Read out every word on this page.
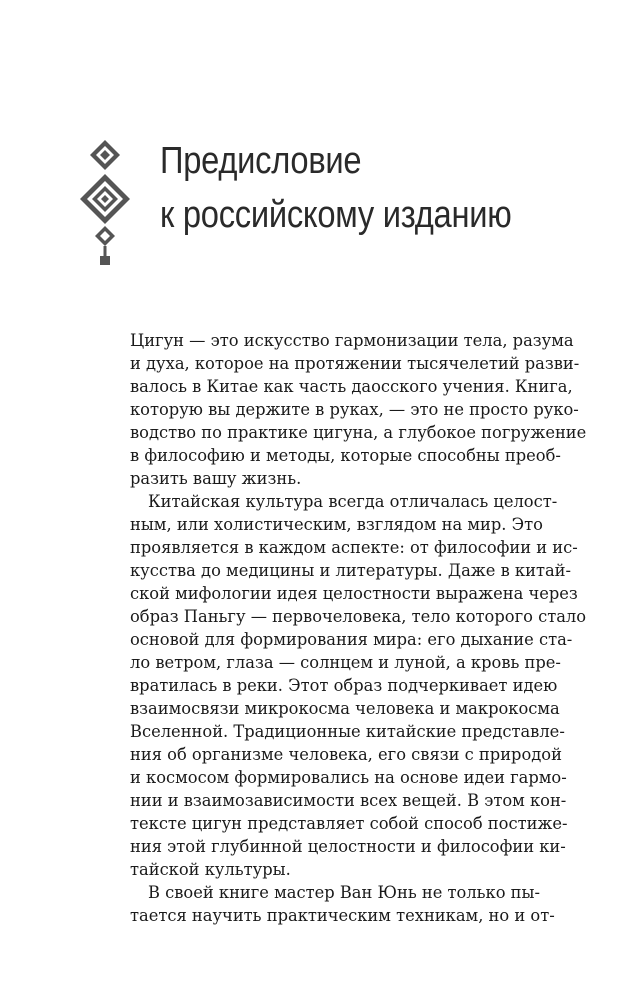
Предисловие
к российскому изданию
Цигун — это искусство гармонизации тела, разума
и духа, которое на протяжении тысячелетий разви-
валось в Китае как часть даосского учения. Книга,
которую вы держите в руках, — это не просто руко-
водство по практике цигуна, а глубокое погружение
в философию и методы, которые способны преоб-
разить вашу жизнь.
Китайская культура всегда отличалась целост-
ным, или холистическим, взглядом на мир. Это
проявляется в каждом аспекте: от философии и ис-
кусства до медицины и литературы. Даже в китай-
ской мифологии идея целостности выражена через
образ Паньгу — первочеловека, тело которого стало
основой для формирования мира: его дыхание ста-
ло ветром, глаза — солнцем и луной, а кровь пре-
вратилась в реки. Этот образ подчеркивает идею
взаимосвязи микрокосма человека и макрокосма
Вселенной. Традиционные китайские представле-
ния об организме человека, его связи с природой
и космосом формировались на основе идеи гармо-
нии и взаимозависимости всех вещей. В этом кон-
тексте цигун представляет собой способ постиже-
ния этой глубинной целостности и философии ки-
тайской культуры.
В своей книге мастер Ван Юнь не только пы-
тается научить практическим техникам, но и от-
